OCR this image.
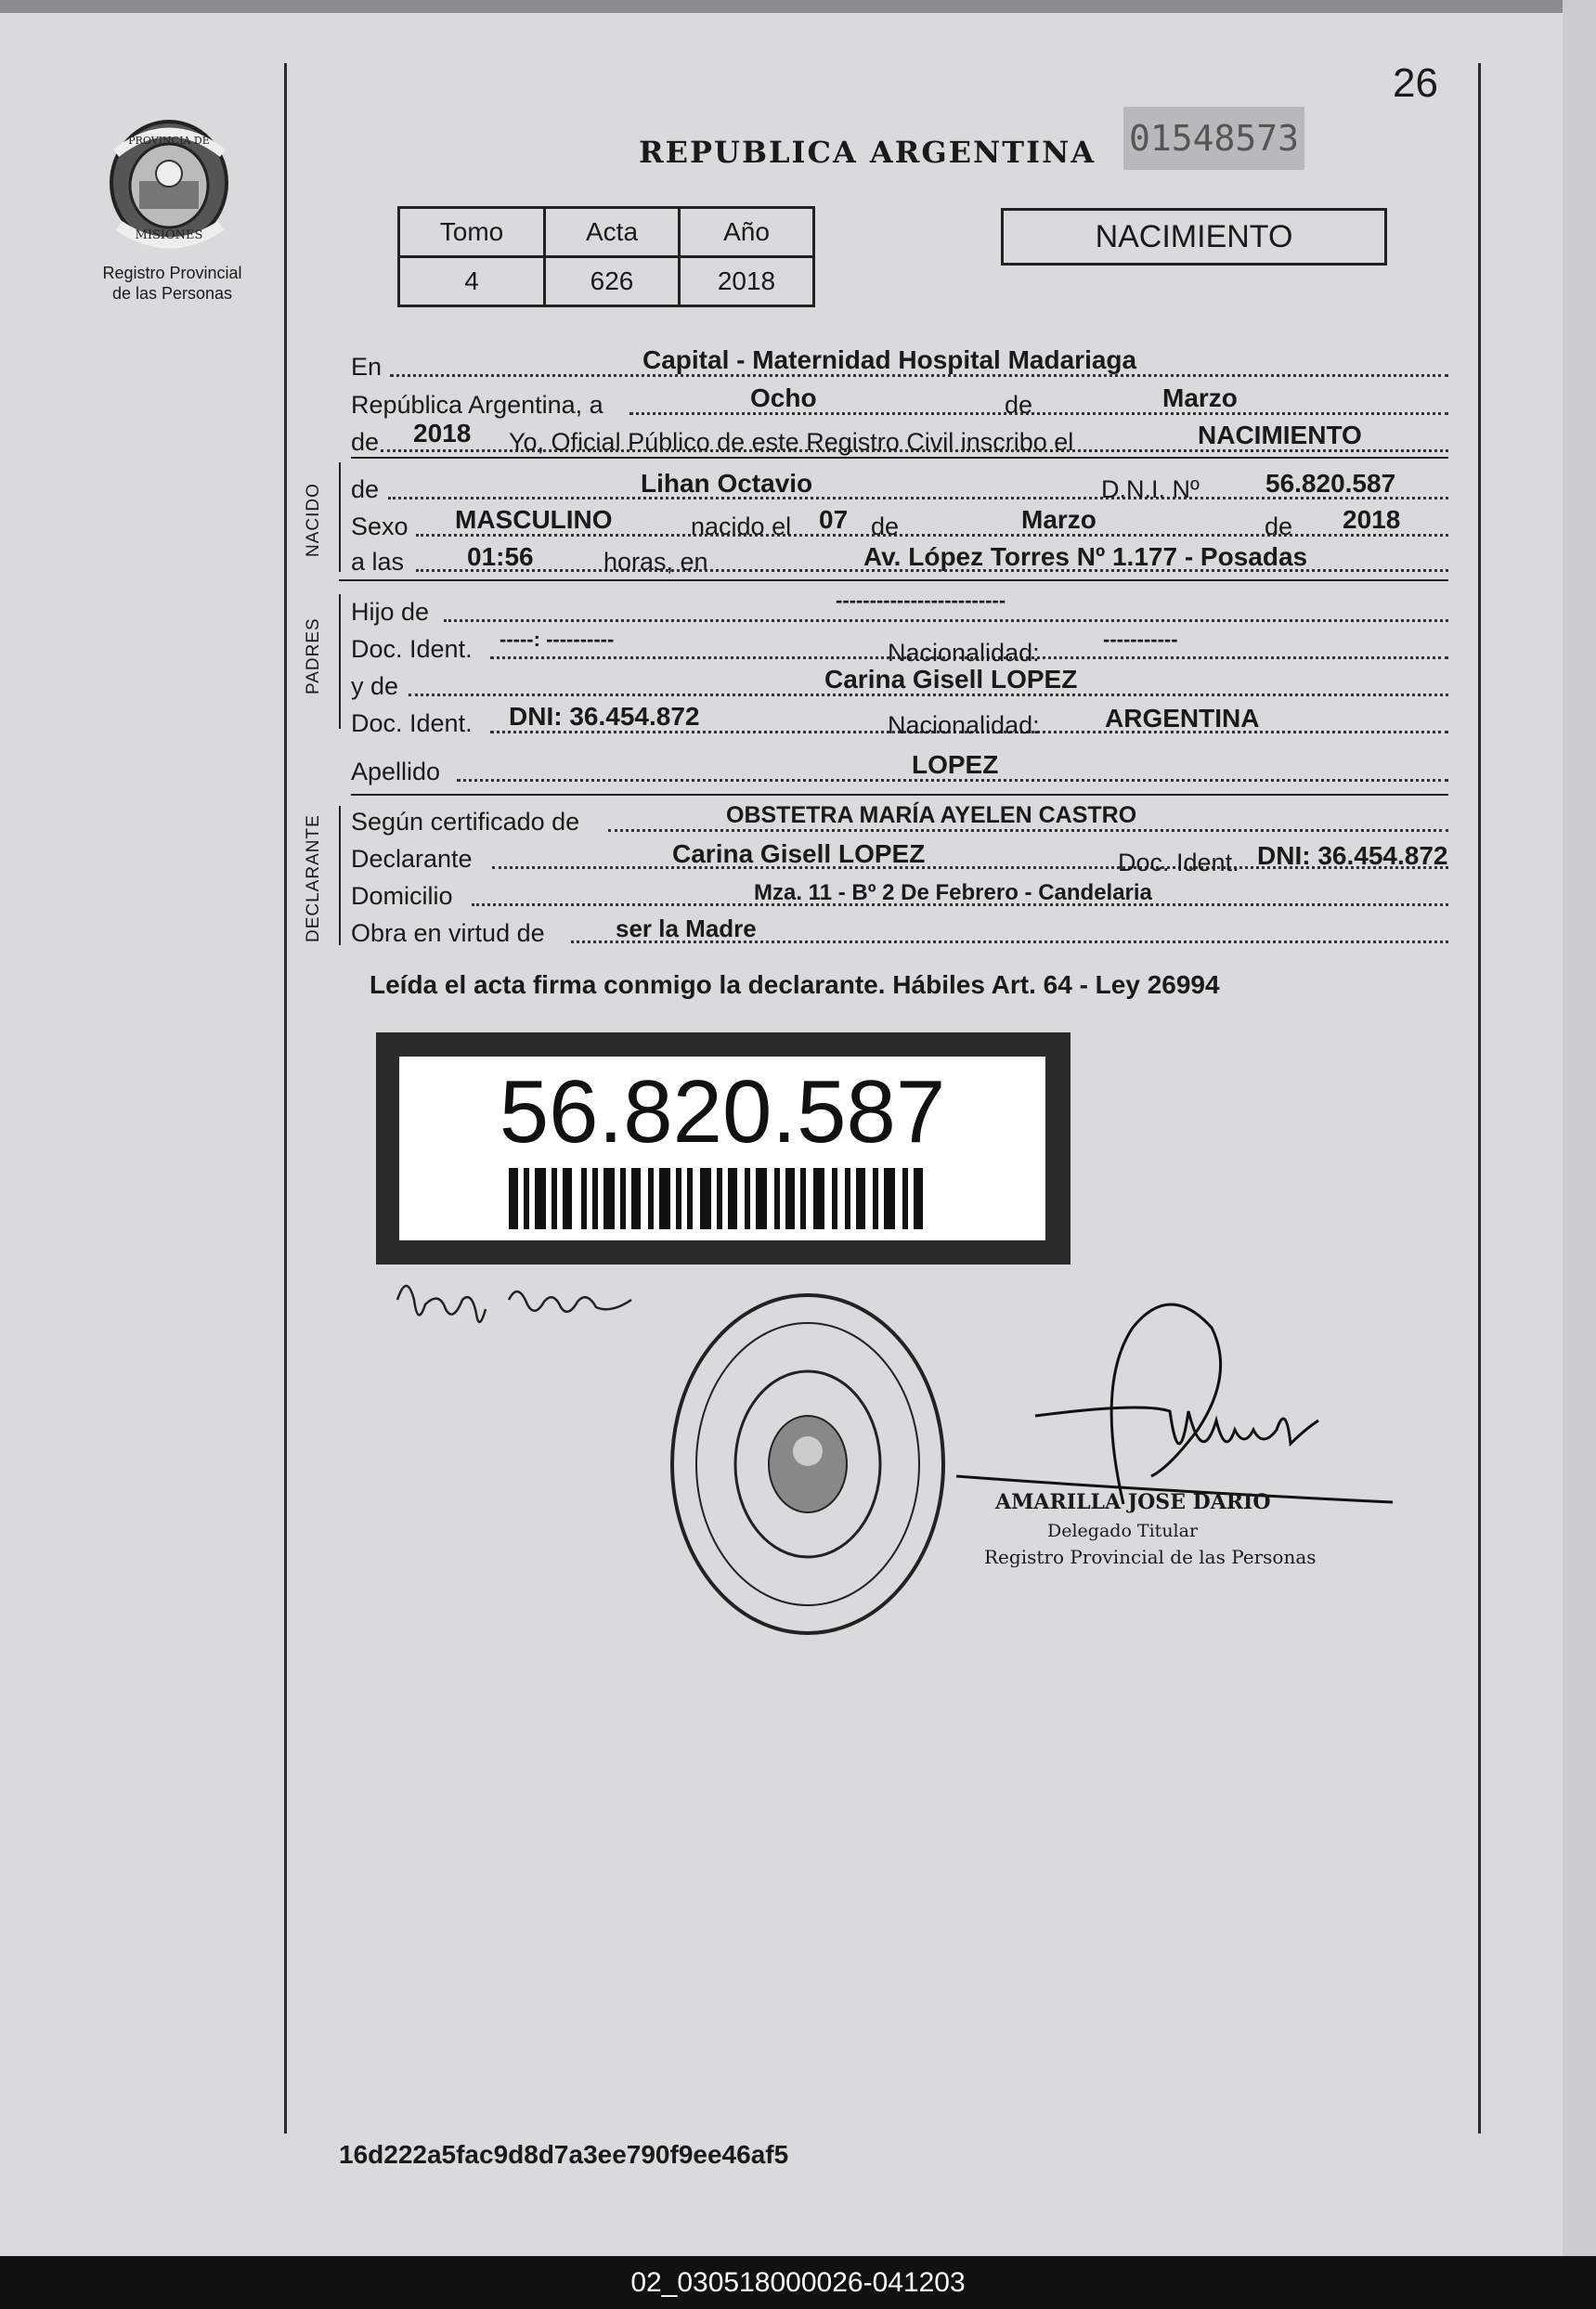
PROVINCIA DE
MISIONES
Registro Provincial
de las Personas
26
REPUBLICA ARGENTINA 01548573
Tomo	Acta	Año
4	626	2018
NACIMIENTO
En	Capital - Maternidad Hospital Madariaga
República Argentina, a	Ocho	de	Marzo
de 2018 Yo, Oficial Público de este Registro Civil inscribo el	NACIMIENTO
NACIDO de	Lihan Octavio	D.N.I. Nº	56.820.587
Sexo MASCULINO	nacido el 07 de	Marzo	de 2018
a las 01:56	horas, en	Av. López Torres Nº 1.177 - Posadas
PADRES
Hijo de	-------------------------
Doc. Ident. -----: ----------	Nacionalidad:	-----------
y de	Carina Gisell LOPEZ
Doc. Ident. DNI: 36.454.872	Nacionalidad:	ARGENTINA
Apellido	LOPEZ
DECLARANTE Según certificado de	OBSTETRA MARÍA AYELEN CASTRO
Declarante	Carina Gisell LOPEZ	Doc. Ident. DNI: 36.454.872
Domicilio	Mza. 11 - Bº 2 De Febrero - Candelaria
Obra en virtud de	ser la Madre
Leída el acta firma conmigo la declarante. Hábiles Art. 64 - Ley 26994
56.820.587
AMARILLA JOSE DARIO
Delegado Titular
Registro Provincial de las Personas
16d222a5fac9d8d7a3ee790f9ee46af5
02_030518000026-041203
